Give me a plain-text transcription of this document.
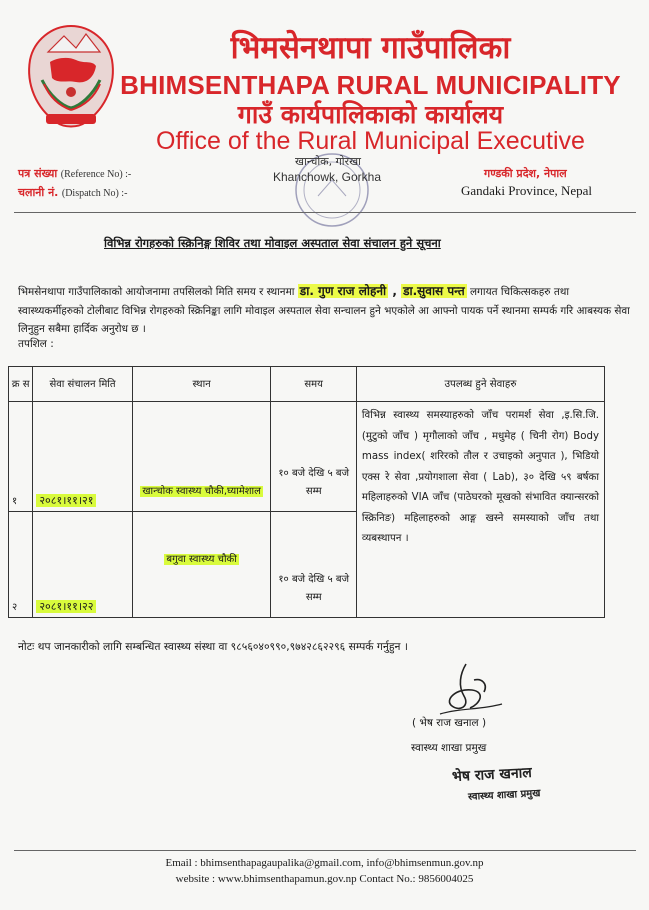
भिमसेनथापा गाउँपालिका
BHIMSENTHAPA RURAL MUNICIPALITY
गाउँ कार्यपालिकाको कार्यालय
Office of the Rural Municipal Executive
पत्र संख्या (Reference No) :-
चलानी नं. (Dispatch No) :-
खान्चोक, गोरखा
Khanchowk, Gorkha	गण्डकी प्रदेश, नेपाल
Gandaki Province, Nepal
विभिन्न रोगहरुको स्क्रिनिङ्ग शिविर तथा मोवाइल अस्पताल सेवा संचालन हुने सूचना
भिमसेनथापा गाउँपालिकाको आयोजनामा तपसिलको मिति समय र स्थानमा डा. गुण राज लोहनी , डा.सुवास पन्त लगायत चिकित्सकहरु तथा स्वास्थ्यकर्मीहरुको टोलीबाट विभिन्न रोगहरुको स्क्रिनिङ्का लागि मोवाइल अस्पताल सेवा सन्चालन हुने भएकोले आ आफ्नो पायक पर्ने स्थानमा सम्पर्क गरि आबस्यक सेवा लिनुहुन सबैमा हार्दिक अनुरोध छ ।
तपशिल :
क्र स	सेवा संचालन मिति	स्थान	समय	उपलब्ध हुने सेवाहरु
१	२०८१।११।२१	खान्चोक स्वास्थ्य चौकी,घ्यामेशाल	१० बजे देखि ५ बजे सम्म	विभिन्न स्वास्थ्य समस्याहरुको जाँच परामर्श सेवा ,इ.सि.जि.(मुटुको जाँच ) मृगौलाको जाँच , मधुमेह ( चिनी रोग) Body mass index( शरिरको तौल र उचाइको अनुपात ), भिडियो एक्स रे सेवा ,प्रयोगशाला सेवा ( Lab), ३० देखि ५९ बर्षका महिलाहरुको VIA जाँच (पाठेघरको मूखको संभावित क्यान्सरको स्क्रिनिङ) महिलाहरुको आङ्ग खस्ने समस्याको जाँच तथा व्यबस्थापन ।
२	२०८१।११।२२	बगुवा स्वास्थ्य चौकी	१० बजे देखि ५ बजे सम्म	
नोटः थप जानकारीको लागि सम्बन्धित स्वास्थ्य संस्था वा ९८५६०४०९९०,९७४२८६२२९६ सम्पर्क गर्नुहुन ।
( भेष राज खनाल )
स्वास्थ्य शाखा प्रमुख
भेष राज खनाल
स्वास्थ्य शाखा प्रमुख
Email : bhimsenthapagaupalika@gmail.com, info@bhimsenmun.gov.np
website : www.bhimsenthapamun.gov.np Contact No.: 9856004025
